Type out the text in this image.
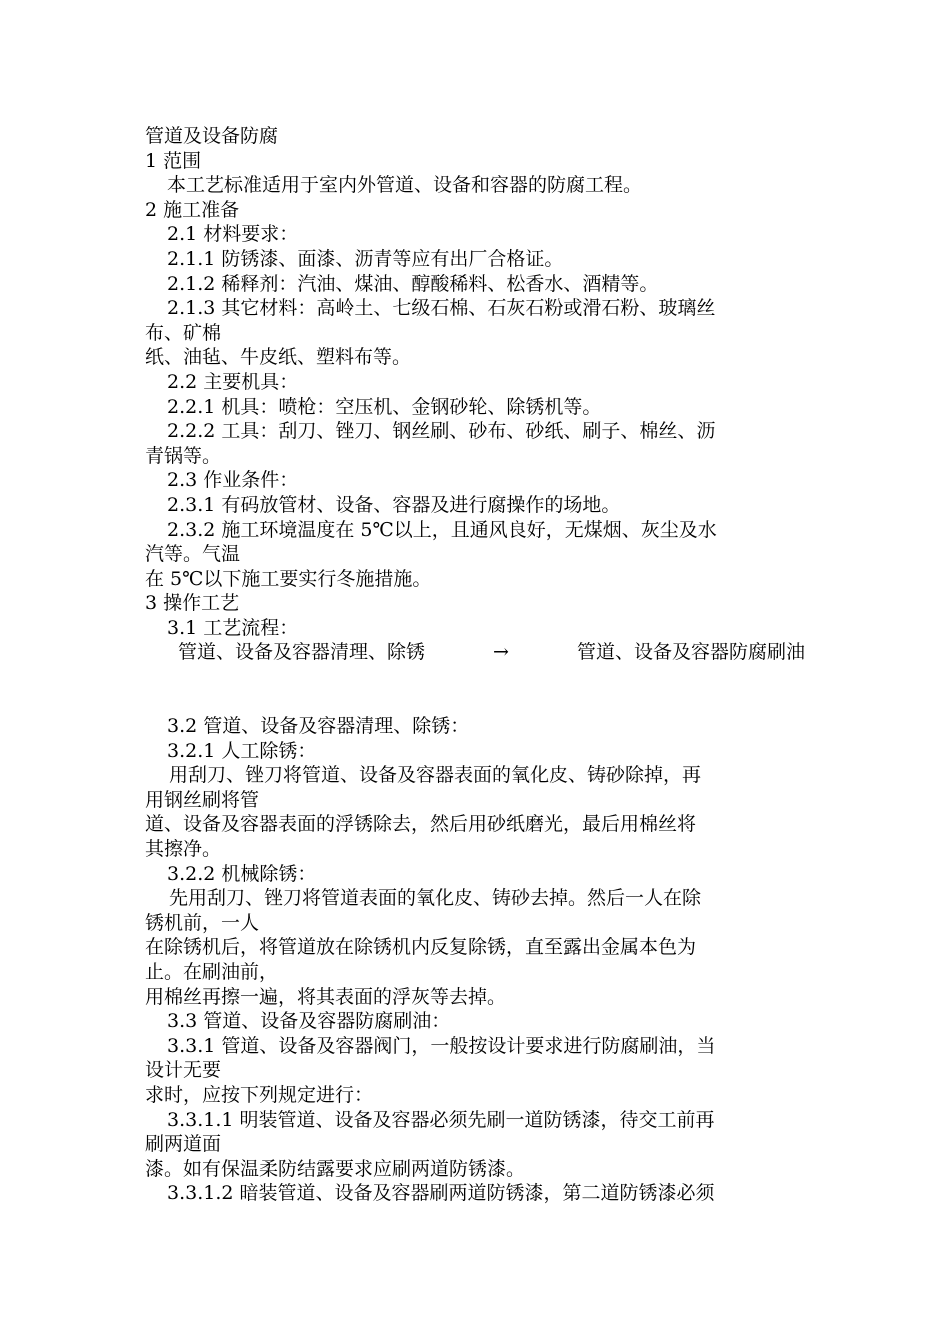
管道及设备防腐
1 范围
本工艺标准适用于室内外管道、设备和容器的防腐工程。
2 施工准备
2.1 材料要求：
2.1.1 防锈漆、面漆、沥青等应有出厂合格证。
2.1.2 稀释剂：汽油、煤油、醇酸稀料、松香水、酒精等。
2.1.3 其它材料：高岭土、七级石棉、石灰石粉或滑石粉、玻璃丝
布、矿棉
纸、油毡、牛皮纸、塑料布等。
2.2 主要机具：
2.2.1 机具：喷枪：空压机、金钢砂轮、除锈机等。
2.2.2 工具：刮刀、锉刀、钢丝刷、砂布、砂纸、刷子、棉丝、沥
青锅等。
2.3 作业条件：
2.3.1 有码放管材、设备、容器及进行腐操作的场地。
2.3.2 施工环境温度在 5℃以上，且通风良好，无煤烟、灰尘及水
汽等。气温
在 5℃以下施工要实行冬施措施。
3 操作工艺
3.1 工艺流程：
管道、设备及容器清理、除锈	→	管道、设备及容器防腐刷油
3.2 管道、设备及容器清理、除锈：
3.2.1 人工除锈：
用刮刀、锉刀将管道、设备及容器表面的氧化皮、铸砂除掉，再
用钢丝刷将管
道、设备及容器表面的浮锈除去，然后用砂纸磨光，最后用棉丝将
其擦净。
3.2.2 机械除锈：
先用刮刀、锉刀将管道表面的氧化皮、铸砂去掉。然后一人在除
锈机前，一人
在除锈机后，将管道放在除锈机内反复除锈，直至露出金属本色为
止。在刷油前，
用棉丝再擦一遍，将其表面的浮灰等去掉。
3.3 管道、设备及容器防腐刷油：
3.3.1 管道、设备及容器阀门，一般按设计要求进行防腐刷油，当
设计无要
求时，应按下列规定进行：
3.3.1.1 明装管道、设备及容器必须先刷一道防锈漆，待交工前再
刷两道面
漆。如有保温柔防结露要求应刷两道防锈漆。
3.3.1.2 暗装管道、设备及容器刷两道防锈漆，第二道防锈漆必须
